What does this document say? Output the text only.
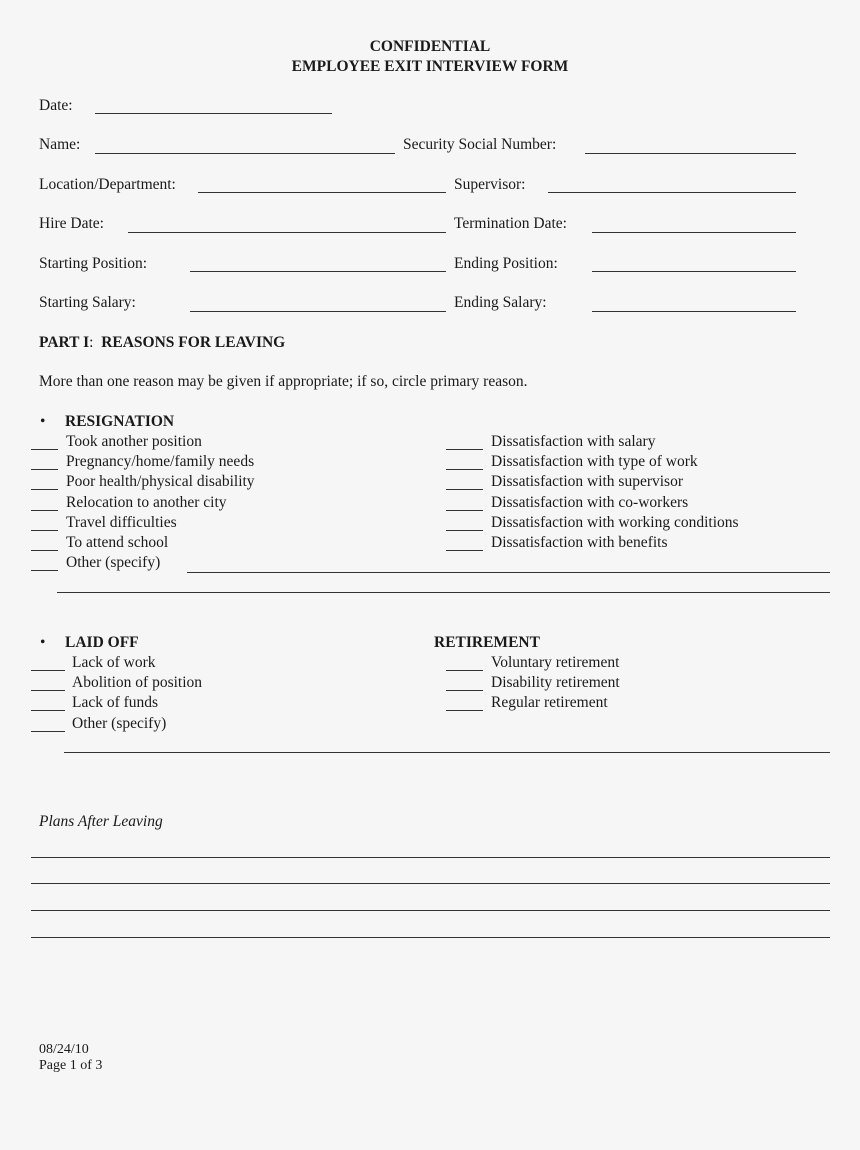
CONFIDENTIAL
EMPLOYEE EXIT INTERVIEW FORM
Date:
Name:	Security Social Number:
Location/Department:	Supervisor:
Hire Date:	Termination Date:
Starting Position:	Ending Position:
Starting Salary:	Ending Salary:
PART I: REASONS FOR LEAVING
More than one reason may be given if appropriate; if so, circle primary reason.
• RESIGNATION
Took another position
Pregnancy/home/family needs
Poor health/physical disability
Relocation to another city
Travel difficulties
To attend school
Other (specify)
Dissatisfaction with salary
Dissatisfaction with type of work
Dissatisfaction with supervisor
Dissatisfaction with co-workers
Dissatisfaction with working conditions
Dissatisfaction with benefits
• LAID OFF	RETIREMENT
Lack of work
Abolition of position
Lack of funds
Other (specify)
Voluntary retirement
Disability retirement
Regular retirement
Plans After Leaving
08/24/10
Page 1 of 3
